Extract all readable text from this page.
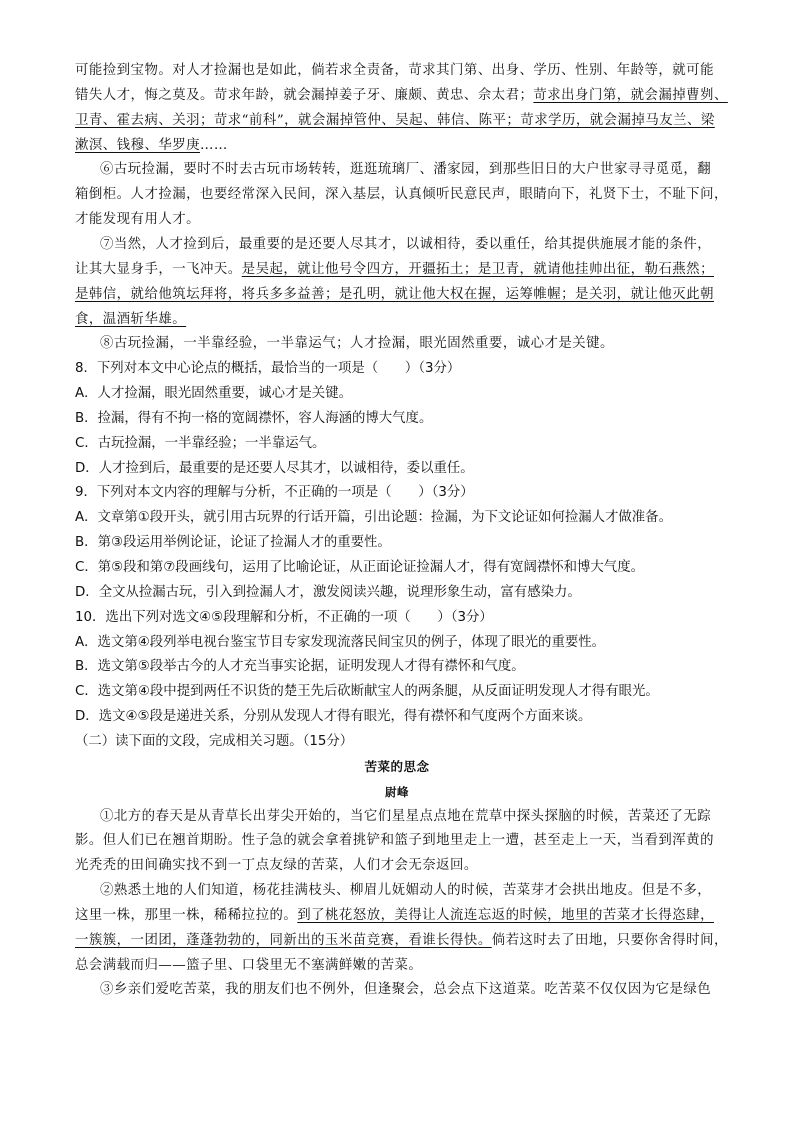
可能捡到宝物。对人才捡漏也是如此，倘若求全责备，苛求其门第、出身、学历、性别、年龄等，就可能
错失人才，悔之莫及。苛求年龄，就会漏掉姜子牙、廉颇、黄忠、佘太君；苛求出身门第，就会漏掉曹刿、
卫青、霍去病、关羽；苛求“前科”，就会漏掉管仲、吴起、韩信、陈平；苛求学历，就会漏掉马友兰、梁
漱溟、钱穆、华罗庚……
⑥古玩捡漏，要时不时去古玩市场转转，逛逛琉璃厂、潘家园，到那些旧日的大户世家寻寻觅觅，翻
箱倒柜。人才捡漏，也要经常深入民间，深入基层，认真倾听民意民声，眼睛向下，礼贤下士，不耻下问，
才能发现有用人才。
⑦当然，人才捡到后，最重要的是还要人尽其才，以诚相待，委以重任，给其提供施展才能的条件，
让其大显身手，一飞冲天。是吴起，就让他号令四方，开疆拓土；是卫青，就请他挂帅出征，勒石燕然；
是韩信，就给他筑坛拜将，将兵多多益善；是孔明，就让他大权在握，运筹帷幄；是关羽，就让他灭此朝
食，温酒斩华雄。
⑧古玩捡漏，一半靠经验，一半靠运气；人才捡漏，眼光固然重要，诚心才是关键。
8．下列对本文中心论点的概括，最恰当的一项是（　　）（3分）
A．人才捡漏，眼光固然重要，诚心才是关键。
B．捡漏，得有不拘一格的宽阔襟怀，容人海涵的博大气度。
C．古玩捡漏，一半靠经验；一半靠运气。
D．人才捡到后，最重要的是还要人尽其才，以诚相待，委以重任。
9．下列对本文内容的理解与分析，不正确的一项是（　　）（3分）
A．文章第①段开头，就引用古玩界的行话开篇，引出论题：捡漏，为下文论证如何捡漏人才做准备。
B．第③段运用举例论证，论证了捡漏人才的重要性。
C．第⑤段和第⑦段画线句，运用了比喻论证，从正面论证捡漏人才，得有宽阔襟怀和博大气度。
D．全文从捡漏古玩，引入到捡漏人才，激发阅读兴趣，说理形象生动，富有感染力。
10．选出下列对选文④⑤段理解和分析，不正确的一项（　　）（3分）
A．选文第④段列举电视台鉴宝节目专家发现流落民间宝贝的例子，体现了眼光的重要性。
B．选文第⑤段举古今的人才充当事实论据，证明发现人才得有襟怀和气度。
C．选文第④段中提到两任不识货的楚王先后砍断献宝人的两条腿，从反面证明发现人才得有眼光。
D．选文④⑤段是递进关系，分别从发现人才得有眼光，得有襟怀和气度两个方面来谈。
（二）读下面的文段，完成相关习题。（15分）
苦菜的思念
尉峰
①北方的春天是从青草长出芽尖开始的，当它们星星点点地在荒草中探头探脑的时候，苦菜还了无踪
影。但人们已在翘首期盼。性子急的就会拿着挑铲和篮子到地里走上一遭，甚至走上一天，当看到浑黄的
光秃秃的田间确实找不到一丁点友绿的苦菜，人们才会无奈返回。
②熟悉土地的人们知道，杨花挂满枝头、柳眉儿妩媚动人的时候，苦菜芽才会拱出地皮。但是不多，
这里一株，那里一株，稀稀拉拉的。到了桃花怒放，美得让人流连忘返的时候，地里的苦菜才长得恣肆，
一簇簇，一团团，蓬蓬勃勃的，同新出的玉米苗竞赛，看谁长得快。倘若这时去了田地，只要你舍得时间，
总会满载而归——篮子里、口袋里无不塞满鲜嫩的苦菜。
③乡亲们爱吃苦菜，我的朋友们也不例外，但逢聚会，总会点下这道菜。吃苦菜不仅仅因为它是绿色
